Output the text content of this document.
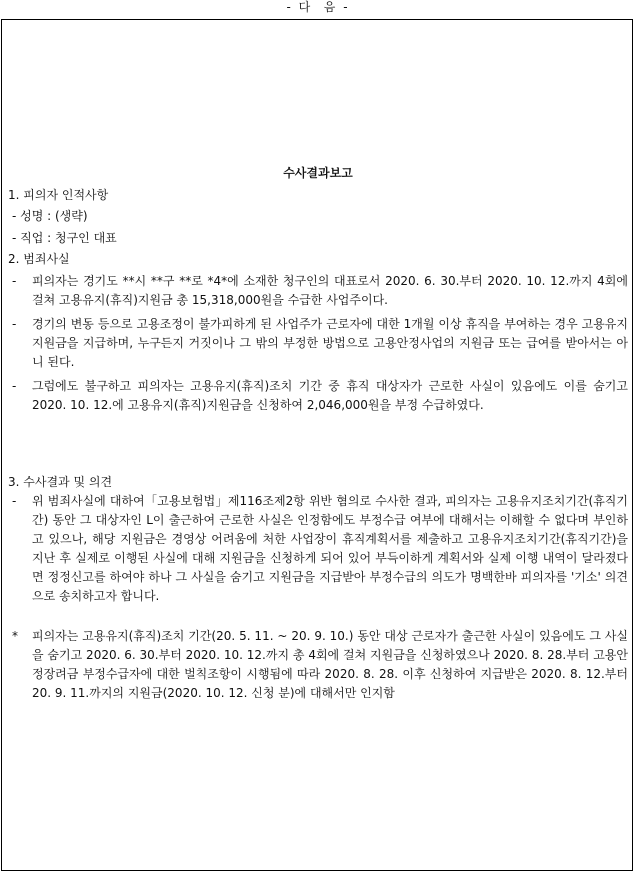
- 다  음 -
수사결과보고
1. 피의자 인적사항
- 성명 : (생략)
- 직업 : 청구인 대표
2. 범죄사실
-	피의자는 경기도 **시 **구 **로 *4*에 소재한 청구인의 대표로서 2020. 6. 30.부터 2020. 10. 12.까지 4회에 걸쳐 고용유지(휴직)지원금 총 15,318,000원을 수급한 사업주이다.
-	경기의 변동 등으로 고용조정이 불가피하게 된 사업주가 근로자에 대한 1개월 이상 휴직을 부여하는 경우 고용유지지원금을 지급하며, 누구든지 거짓이나 그 밖의 부정한 방법으로 고용안정사업의 지원금 또는 급여를 받아서는 아니 된다.
-	그럼에도 불구하고 피의자는 고용유지(휴직)조치 기간 중 휴직 대상자가 근로한 사실이 있음에도 이를 숨기고 2020. 10. 12.에 고용유지(휴직)지원금을 신청하여 2,046,000원을 부정 수급하였다.
3. 수사결과 및 의견
-	위 범죄사실에 대하여「고용보험법」제116조제2항 위반 혐의로 수사한 결과, 피의자는 고용유지조치기간(휴직기간) 동안 그 대상자인 L이 출근하여 근로한 사실은 인정함에도 부정수급 여부에 대해서는 이해할 수 없다며 부인하고 있으나, 해당 지원금은 경영상 어려움에 처한 사업장이 휴직계획서를 제출하고 고용유지조치기간(휴직기간)을 지난 후 실제로 이행된 사실에 대해 지원금을 신청하게 되어 있어 부득이하게 계획서와 실제 이행 내역이 달라졌다면 정정신고를 하여야 하나 그 사실을 숨기고 지원금을 지급받아 부정수급의 의도가 명백한바 피의자를 '기소' 의견으로 송치하고자 합니다.
*	피의자는 고용유지(휴직)조치 기간(20. 5. 11. ~ 20. 9. 10.) 동안 대상 근로자가 출근한 사실이 있음에도 그 사실을 숨기고 2020. 6. 30.부터 2020. 10. 12.까지 총 4회에 걸쳐 지원금을 신청하였으나 2020. 8. 28.부터 고용안정장려금 부정수급자에 대한 벌칙조항이 시행됨에 따라 2020. 8. 28. 이후 신청하여 지급받은 2020. 8. 12.부터 20. 9. 11.까지의 지원금(2020. 10. 12. 신청 분)에 대해서만 인지함
